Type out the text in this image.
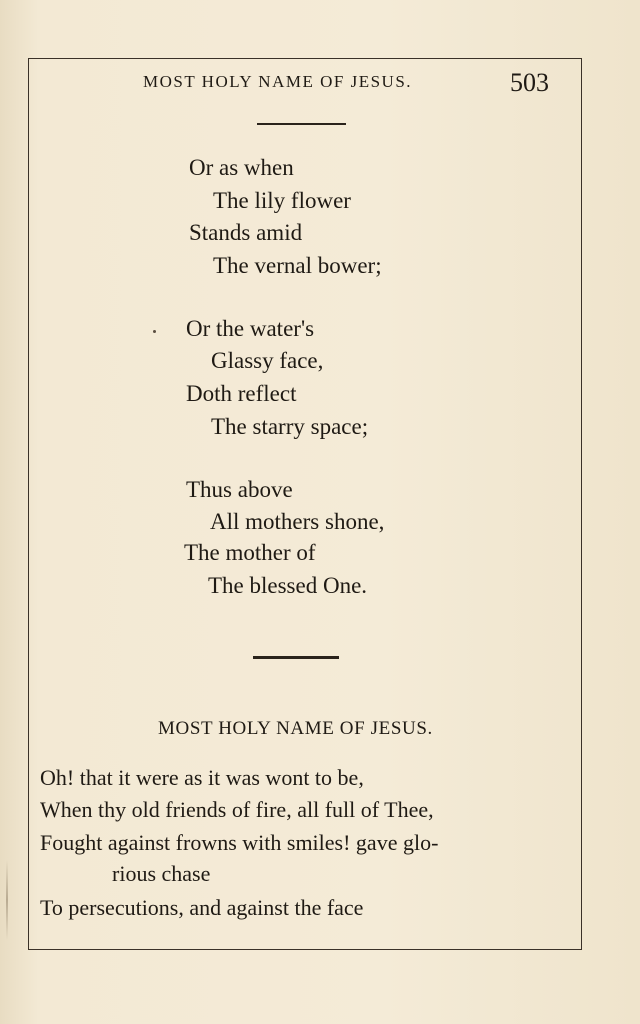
MOST HOLY NAME OF JESUS.	503
Or as when
The lily flower
Stands amid
The vernal bower;
Or the water's
Glassy face,
Doth reflect
The starry space;
Thus above
All mothers shone,
The mother of
The blessed One.
MOST HOLY NAME OF JESUS.
Oh! that it were as it was wont to be,
When thy old friends of fire, all full of Thee,
Fought against frowns with smiles! gave glo-
rious chase
To persecutions, and against the face
